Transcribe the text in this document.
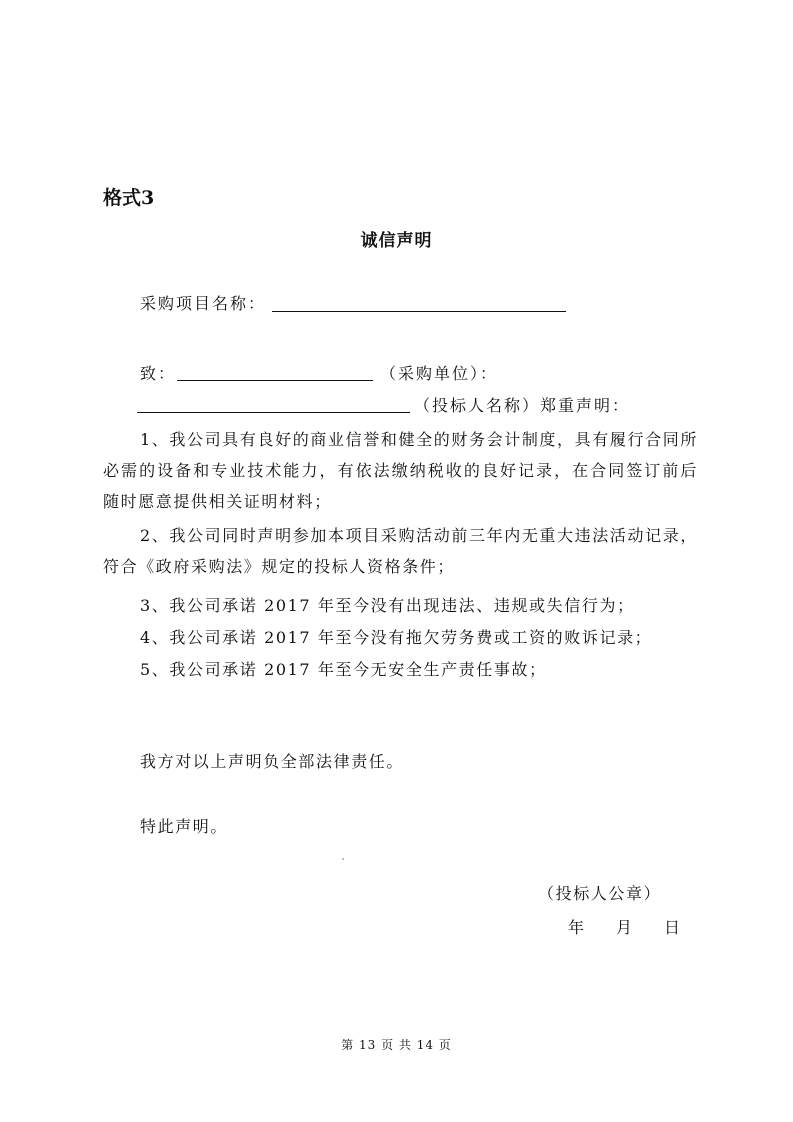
格式3
诚信声明
采购项目名称：
致：	（采购单位）：
（投标人名称）郑重声明：
1、我公司具有良好的商业信誉和健全的财务会计制度，具有履行合同所必需的设备和专业技术能力，有依法缴纳税收的良好记录，在合同签订前后随时愿意提供相关证明材料；
2、我公司同时声明参加本项目采购活动前三年内无重大违法活动记录，符合《政府采购法》规定的投标人资格条件；
3、我公司承诺 2017 年至今没有出现违法、违规或失信行为；
4、我公司承诺 2017 年至今没有拖欠劳务费或工资的败诉记录；
5、我公司承诺 2017 年至今无安全生产责任事故；
我方对以上声明负全部法律责任。
特此声明。
（投标人公章）
年　月　日
第 13 页 共 14 页
